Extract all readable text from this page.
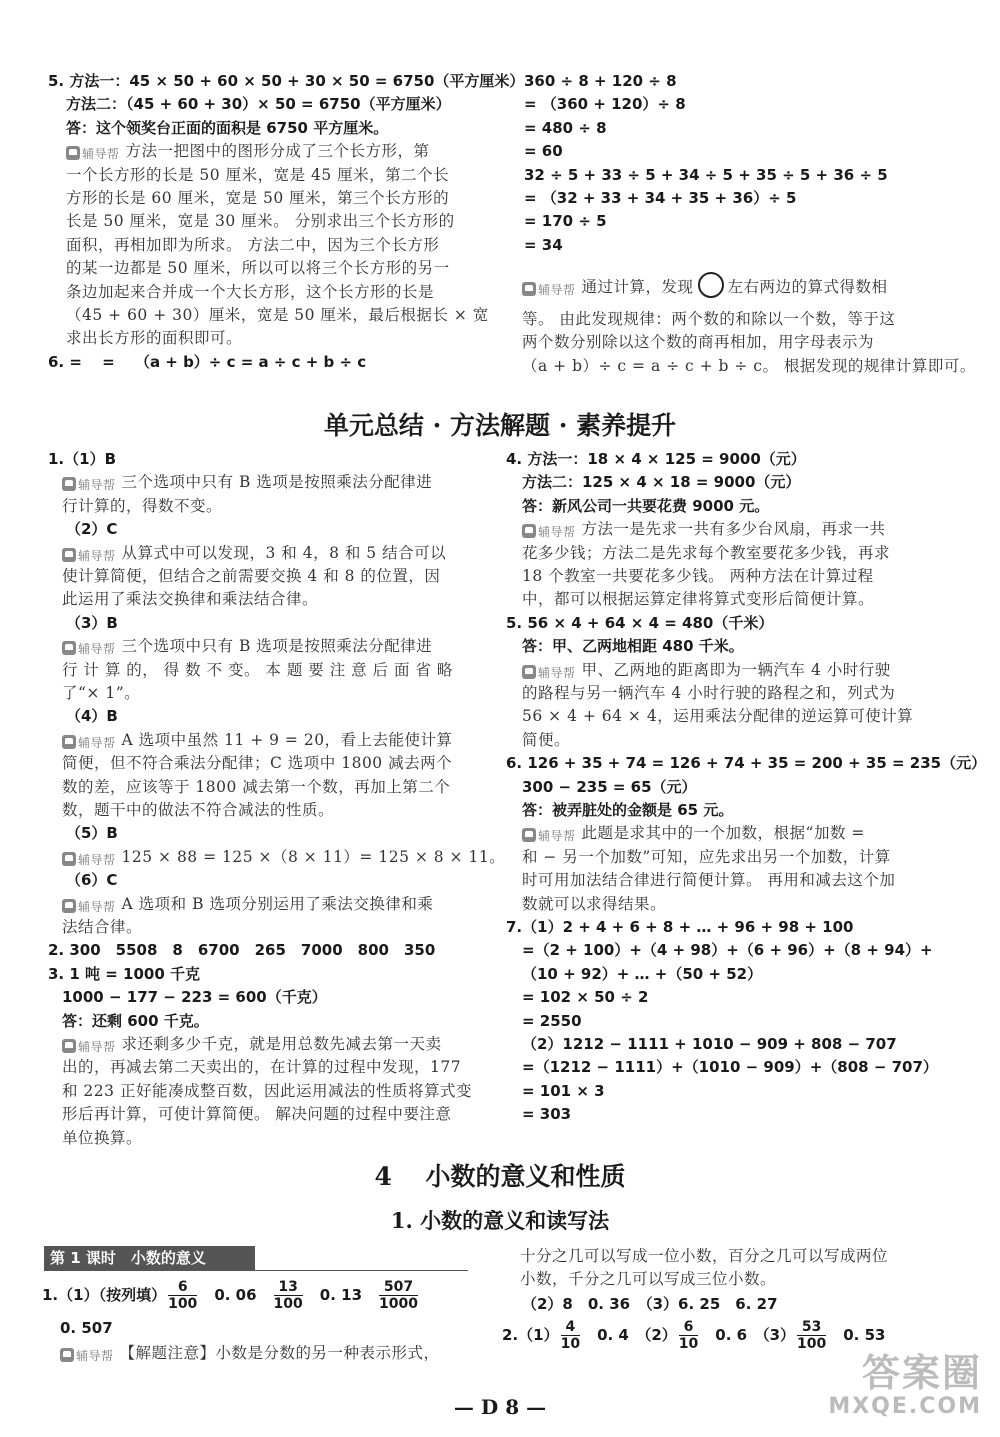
5. 方法一：45 × 50 + 60 × 50 + 30 × 50 = 6750（平方厘米）
方法二：（45 + 60 + 30）× 50 = 6750（平方厘米）
答：这个领奖台正面的面积是 6750 平方厘米。
辅导帮 方法一把图中的图形分成了三个长方形，第
一个长方形的长是 50 厘米，宽是 45 厘米，第二个长
方形的长是 60 厘米，宽是 50 厘米，第三个长方形的
长是 50 厘米，宽是 30 厘米。 分别求出三个长方形的
面积，再相加即为所求。 方法二中，因为三个长方形
的某一边都是 50 厘米，所以可以将三个长方形的另一
条边加起来合并成一个大长方形，这个长方形的长是
（45 + 60 + 30）厘米，宽是 50 厘米，最后根据长 × 宽
求出长方形的面积即可。
6. =　 =　 （a + b）÷ c = a ÷ c + b ÷ c
360 ÷ 8 + 120 ÷ 8
= （360 + 120）÷ 8
= 480 ÷ 8
= 60
32 ÷ 5 + 33 ÷ 5 + 34 ÷ 5 + 35 ÷ 5 + 36 ÷ 5
= （32 + 33 + 34 + 35 + 36）÷ 5
= 170 ÷ 5
= 34
1.（1）B
辅导帮 三个选项中只有 B 选项是按照乘法分配律进
行计算的，得数不变。
（2）C
辅导帮 从算式中可以发现，3 和 4，8 和 5 结合可以
使计算简便，但结合之前需要交换 4 和 8 的位置，因
此运用了乘法交换律和乘法结合律。
（3）B
辅导帮 三个选项中只有 B 选项是按照乘法分配律进
行 计 算 的， 得 数 不 变。 本 题 要 注 意 后 面 省 略
了“× 1”。
（4）B
辅导帮 A 选项中虽然 11 + 9 = 20，看上去能使计算
简便，但不符合乘法分配律；C 选项中 1800 减去两个
数的差，应该等于 1800 减去第一个数，再加上第二个
数，题干中的做法不符合减法的性质。
（5）B
辅导帮 125 × 88 = 125 ×（8 × 11）= 125 × 8 × 11。
（6）C
辅导帮 A 选项和 B 选项分别运用了乘法交换律和乘
法结合律。
2. 300　5508　8　6700　265　7000　800　350
3. 1 吨 = 1000 千克
1000 − 177 − 223 = 600（千克）
答：还剩 600 千克。
辅导帮 求还剩多少千克，就是用总数先减去第一天卖
出的，再减去第二天卖出的，在计算的过程中发现，177
和 223 正好能凑成整百数，因此运用减法的性质将算式变
形后再计算，可使计算简便。 解决问题的过程中要注意
单位换算。
4. 方法一：18 × 4 × 125 = 9000（元）
方法二：125 × 4 × 18 = 9000（元）
答：新风公司一共要花费 9000 元。
辅导帮 方法一是先求一共有多少台风扇，再求一共
花多少钱；方法二是先求每个教室要花多少钱，再求
18 个教室一共要花多少钱。 两种方法在计算过程
中，都可以根据运算定律将算式变形后简便计算。
5. 56 × 4 + 64 × 4 = 480（千米）
答：甲、乙两地相距 480 千米。
辅导帮 甲、乙两地的距离即为一辆汽车 4 小时行驶
的路程与另一辆汽车 4 小时行驶的路程之和，列式为
56 × 4 + 64 × 4，运用乘法分配律的逆运算可使计算
简便。
6. 126 + 35 + 74 = 126 + 74 + 35 = 200 + 35 = 235（元）
300 − 235 = 65（元）
答：被弄脏处的金额是 65 元。
辅导帮 此题是求其中的一个加数，根据“加数 =
和 − 另一个加数”可知，应先求出另一个加数，计算
时可用加法结合律进行简便计算。 再用和减去这个加
数就可以求得结果。
7.（1）2 + 4 + 6 + 8 + … + 96 + 98 + 100
=（2 + 100）+（4 + 98）+（6 + 96）+（8 + 94）+
（10 + 92）+ … +（50 + 52）
= 102 × 50 ÷ 2
= 2550
（2）1212 − 1111 + 1010 − 909 + 808 − 707
=（1212 − 1111）+（1010 − 909）+（808 − 707）
= 101 × 3
= 303
辅导帮 通过计算，发现 左右两边的算式得数相
等。 由此发现规律：两个数的和除以一个数，等于这
两个数分别除以这个数的商再相加，用字母表示为
（a + b）÷ c = a ÷ c + b ÷ c。 根据发现的规律计算即可。
1.（1）（按列填） $\frac{6}{100}$ 　0. 06　 $\frac{13}{100}$ 　0. 13　 $\frac{507}{1000}$
0. 507
辅导帮 【解题注意】小数是分数的另一种表示形式，
十分之几可以写成一位小数，百分之几可以写成两位
小数，千分之几可以写成三位小数。
（2）8　0. 36　（3）6. 25　6. 27
$2.(1) \frac{4}{10}$ 　0. 4　$(2) \frac{6}{10}$ 　0. 6　$(3) \frac{53}{100}$ 　0. 53　
单元总结 · 方法解题 · 素养提升
4　 小数的意义和性质
1. 小数的意义和读写法
第 1 课时　小数的意义
— D 8 —
答案圈
MXQE.COM
